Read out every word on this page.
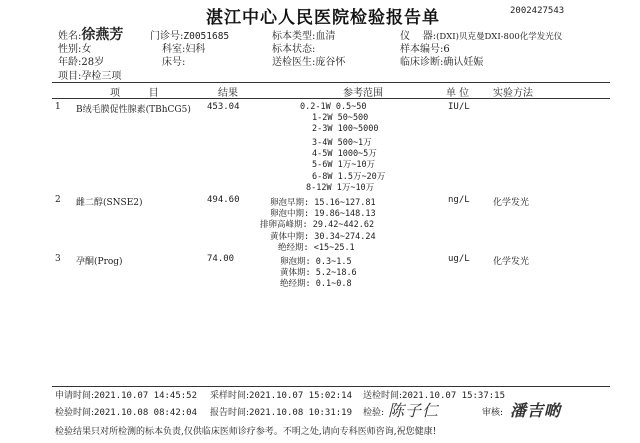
2002427543
湛江中心人民医院检验报告单
姓名:徐燕芳
性别:女
年龄:28岁
项目:孕检三项
门诊号:Z0051685
科室:妇科
床号:
标本类型:血清
标本状态:
送检医生:庞谷怀
仪    器:(DXI)贝克曼DXI-800化学发光仪
样本编号:6
临床诊断:确认妊娠
项         目	结果	参考范围	单 位 实验方法
1 B绒毛膜促性腺素(TBhCG5) 453.04	0.2-1W 0.5~50
1-2W 50~500
2-3W 100~5000
3-4W 500~1万
4-5W 1000~5万
5-6W 1万~10万
6-8W 1.5万~20万
8-12W 1万~10万
IU/L
2 雌二醇(SNSE2)	494.60	卵泡早期: 15.16~127.81
卵泡中期: 19.86~148.13
排卵高峰期: 29.42~442.62
黄体中期: 30.34~274.24
绝经期: <15~25.1
ng/L	化学发光
3 孕酮(Prog)	74.00	卵泡期: 0.3~1.5
黄体期: 5.2~18.6
绝经期: 0.1~0.8
ug/L	化学发光
申请时间:2021.10.07 14:45:52 采样时间:2021.10.07 15:02:14 送检时间:2021.10.07 15:37:15
检验时间:2021.10.08 08:42:04 报告时间:2021.10.08 10:31:19 检验: 陈子仁	审核: 潘吉啲
检验结果只对所检测的标本负责,仅供临床医师诊疗参考。不明之处,请向专科医师咨询,祝您健康!
